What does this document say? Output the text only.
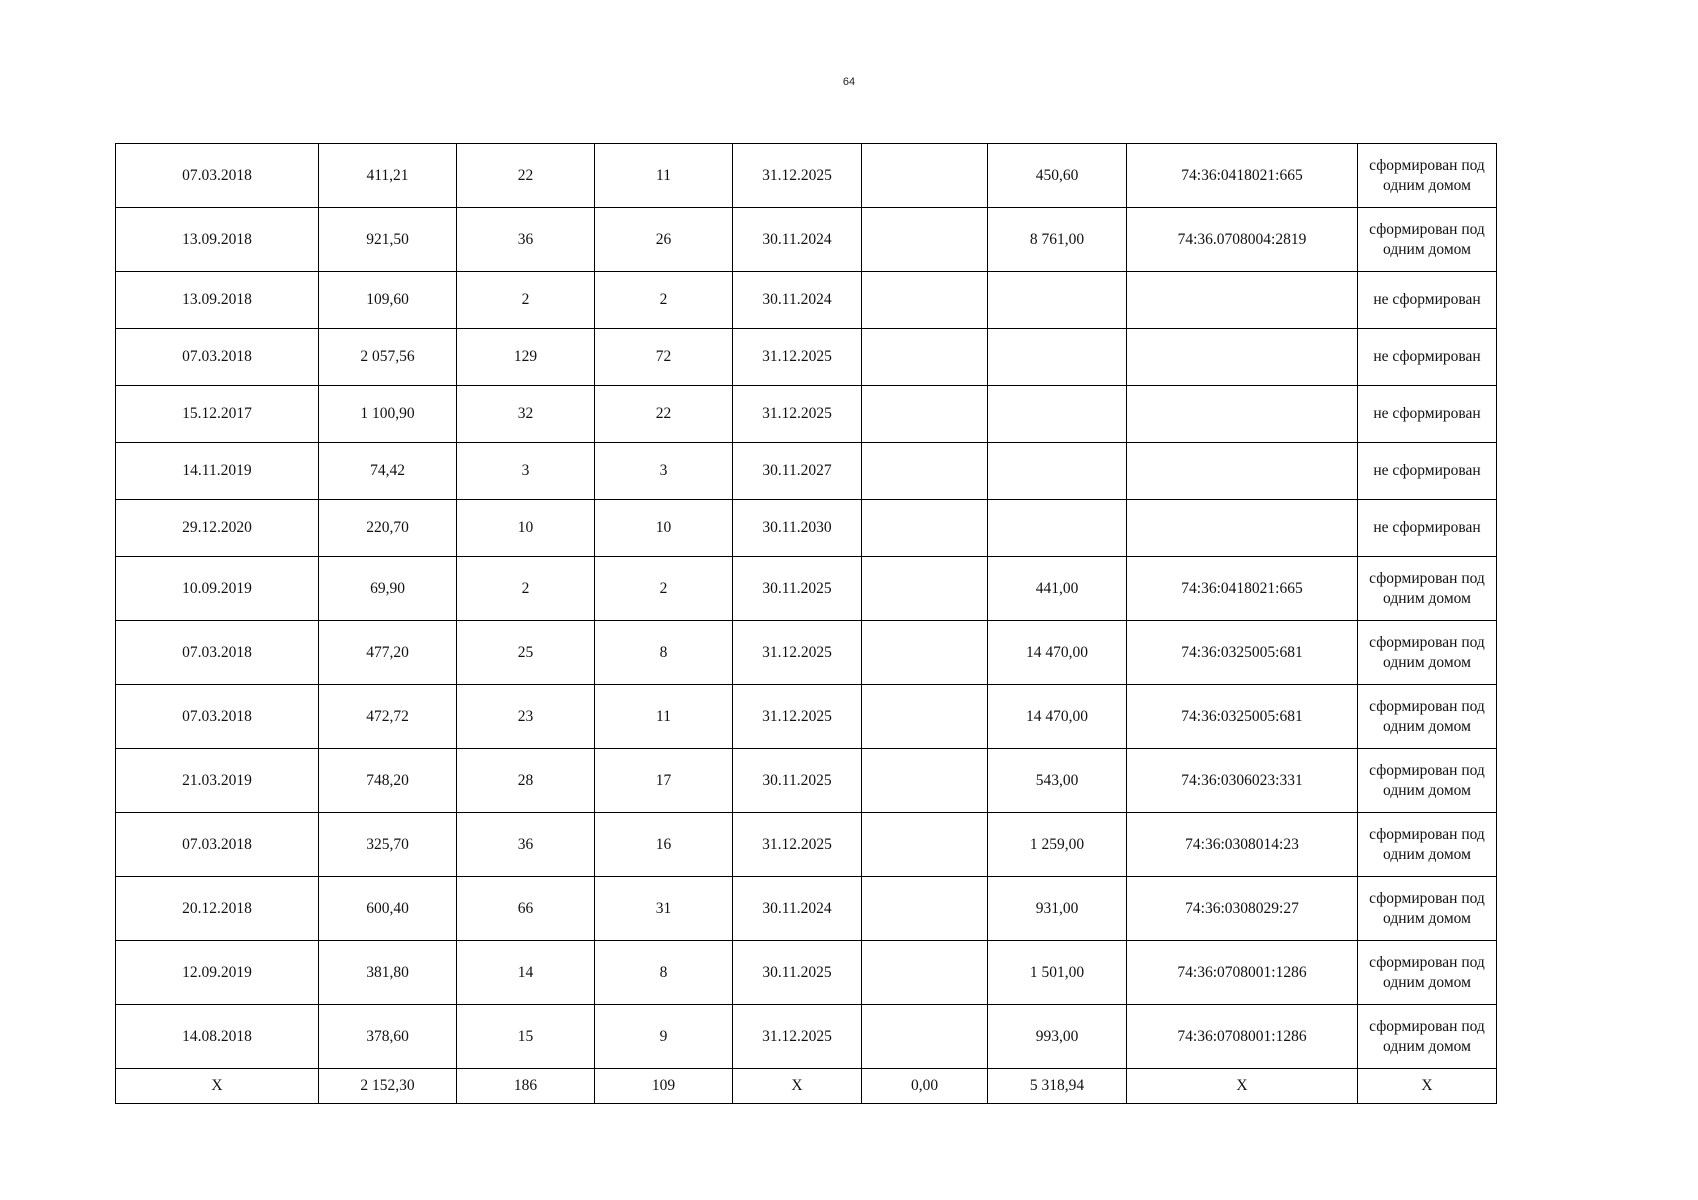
64
07.03.2018	411,21	22	11	31.12.2025		450,60	74:36:0418021:665	сформирован под одним домом
13.09.2018	921,50	36	26	30.11.2024		8 761,00	74:36.0708004:2819	сформирован под одним домом
13.09.2018	109,60	2	2	30.11.2024				не сформирован
07.03.2018	2 057,56	129	72	31.12.2025				не сформирован
15.12.2017	1 100,90	32	22	31.12.2025				не сформирован
14.11.2019	74,42	3	3	30.11.2027				не сформирован
29.12.2020	220,70	10	10	30.11.2030				не сформирован
10.09.2019	69,90	2	2	30.11.2025		441,00	74:36:0418021:665	сформирован под одним домом
07.03.2018	477,20	25	8	31.12.2025		14 470,00	74:36:0325005:681	сформирован под одним домом
07.03.2018	472,72	23	11	31.12.2025		14 470,00	74:36:0325005:681	сформирован под одним домом
21.03.2019	748,20	28	17	30.11.2025		543,00	74:36:0306023:331	сформирован под одним домом
07.03.2018	325,70	36	16	31.12.2025		1 259,00	74:36:0308014:23	сформирован под одним домом
20.12.2018	600,40	66	31	30.11.2024		931,00	74:36:0308029:27	сформирован под одним домом
12.09.2019	381,80	14	8	30.11.2025		1 501,00	74:36:0708001:1286	сформирован под одним домом
14.08.2018	378,60	15	9	31.12.2025		993,00	74:36:0708001:1286	сформирован под одним домом
X	2 152,30	186	109	X	0,00	5 318,94	X	X
